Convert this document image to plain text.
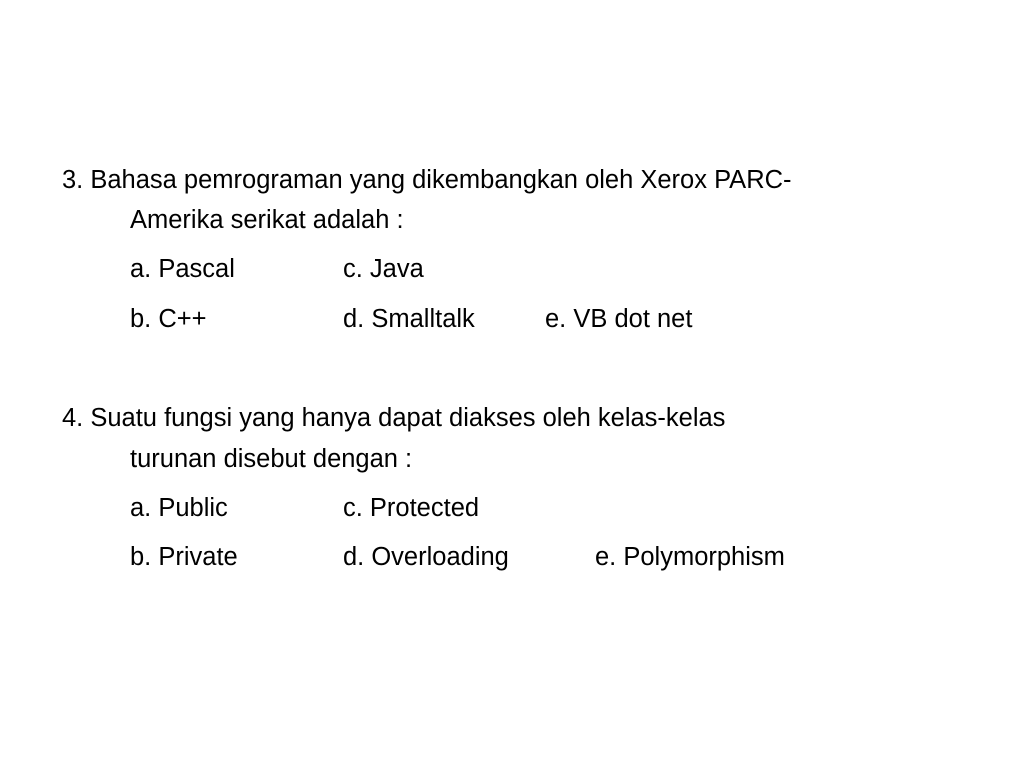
3. Bahasa pemrograman yang dikembangkan oleh Xerox PARC-
Amerika serikat adalah :
a. Pascal	c. Java
b. C++	d. Smalltalk	e. VB dot net
4. Suatu fungsi yang hanya dapat diakses oleh kelas-kelas
turunan disebut dengan :
a. Public	c. Protected
b. Private	d. Overloading	e. Polymorphism
